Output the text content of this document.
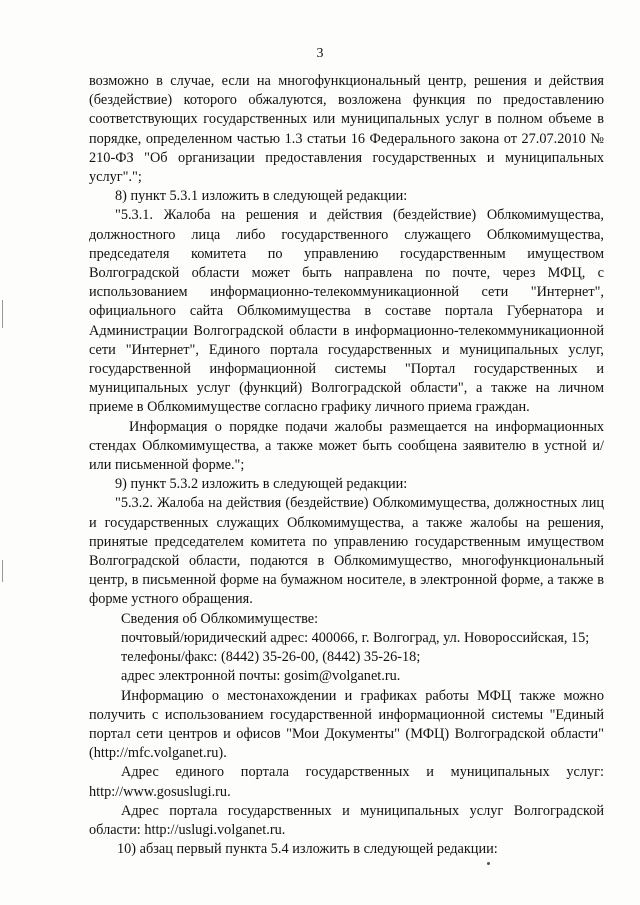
3

возможно в случае, если на многофункциональный центр, решения и действия (бездействие) которого обжалуются, возложена функция по предоставлению соответствующих государственных или муниципальных услуг в полном объеме в порядке, определенном частью 1.3 статьи 16 Федерального закона от 27.07.2010 № 210-ФЗ "Об организации предоставления государственных и муниципальных услуг".";

8) пункт 5.3.1 изложить в следующей редакции:

"5.3.1. Жалоба на решения и действия (бездействие) Облкомимущества, должностного лица либо государственного служащего Облкомимущества, председателя комитета по управлению государственным имуществом Волгоградской области может быть направлена по почте, через МФЦ, с использованием информационно-телекоммуникационной сети "Интернет", официального сайта Облкомимущества в составе портала Губернатора и Администрации Волгоградской области в информационно-телекоммуникационной сети "Интернет", Единого портала государственных и муниципальных услуг, государственной информационной системы "Портал государственных и муниципальных услуг (функций) Волгоградской области", а также на личном приеме в Облкомимуществе согласно графику личного приема граждан.

Информация о порядке подачи жалобы размещается на информационных стендах Облкомимущества, а также может быть сообщена заявителю в устной и/или письменной форме.";

9) пункт 5.3.2 изложить в следующей редакции:

"5.3.2. Жалоба на действия (бездействие) Облкомимущества, должностных лиц и государственных служащих Облкомимущества, а также жалобы на решения, принятые председателем комитета по управлению государственным имуществом Волгоградской области, подаются в Облкомимущество, многофункциональный центр, в письменной форме на бумажном носителе, в электронной форме, а также в форме устного обращения.

Сведения об Облкомимуществе:

почтовый/юридический адрес: 400066, г. Волгоград, ул. Новороссийская, 15;

телефоны/факс: (8442) 35-26-00, (8442) 35-26-18;

адрес электронной почты: gosim@volganet.ru.

Информацию о местонахождении и графиках работы МФЦ также можно получить с использованием государственной информационной системы "Единый портал сети центров и офисов "Мои Документы" (МФЦ) Волгоградской области" (http://mfc.volganet.ru).

Адрес единого портала государственных и муниципальных услуг: http://www.gosuslugi.ru.

Адрес портала государственных и муниципальных услуг Волгоградской области: http://uslugi.volganet.ru.

10) абзац первый пункта 5.4 изложить в следующей редакции:
